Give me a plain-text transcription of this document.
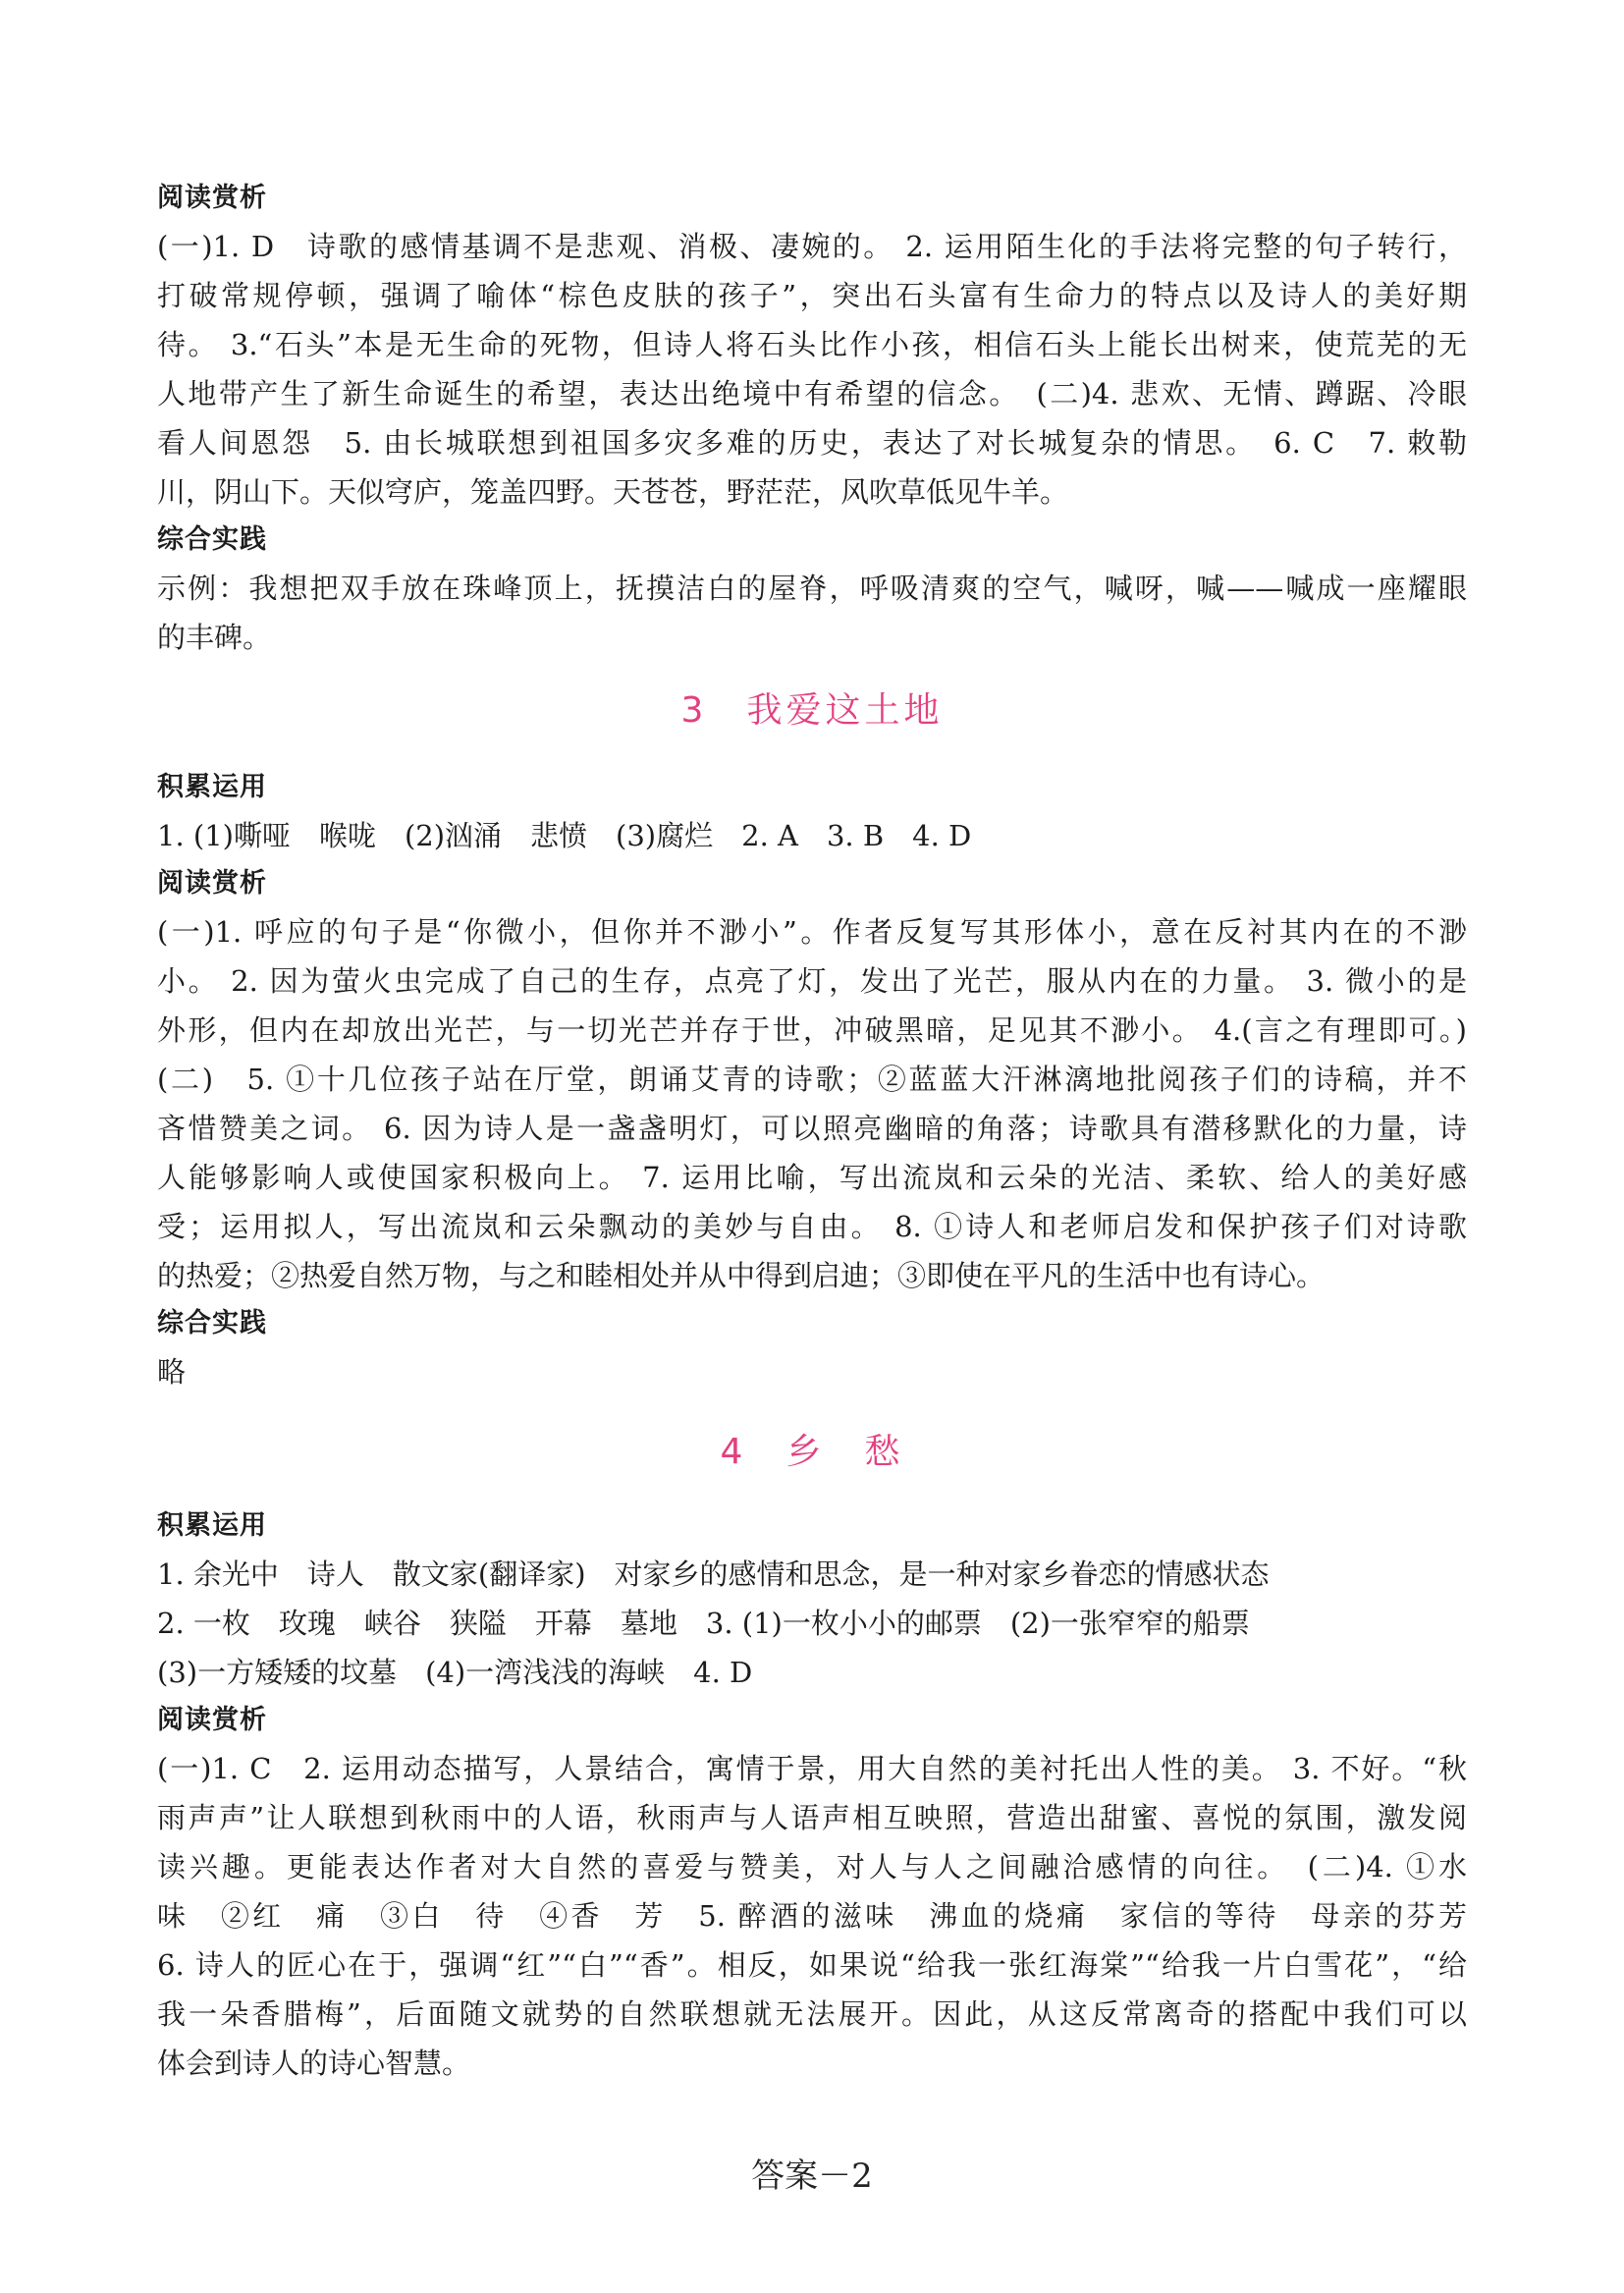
阅读赏析
(一)1. D　诗歌的感情基调不是悲观、消极、凄婉的。 2. 运用陌生化的手法将完整的句子转行，
打破常规停顿，强调了喻体“棕色皮肤的孩子”，突出石头富有生命力的特点以及诗人的美好期
待。 3.“石头”本是无生命的死物，但诗人将石头比作小孩，相信石头上能长出树来，使荒芜的无
人地带产生了新生命诞生的希望，表达出绝境中有希望的信念。　(二)4. 悲欢、无情、蹲踞、冷眼
看人间恩怨　5. 由长城联想到祖国多灾多难的历史，表达了对长城复杂的情思。　6. C　7. 敕勒
川，阴山下。天似穹庐，笼盖四野。天苍苍，野茫茫，风吹草低见牛羊。
综合实践
示例：我想把双手放在珠峰顶上，抚摸洁白的屋脊，呼吸清爽的空气，喊呀，喊——喊成一座耀眼
的丰碑。
3　我爱这土地
积累运用
1. (1)嘶哑　喉咙　(2)汹涌　悲愤　(3)腐烂　2. A　3. B　4. D
阅读赏析
(一)1. 呼应的句子是“你微小，但你并不渺小”。作者反复写其形体小，意在反衬其内在的不渺
小。 2. 因为萤火虫完成了自己的生存，点亮了灯，发出了光芒，服从内在的力量。 3. 微小的是
外形，但内在却放出光芒，与一切光芒并存于世，冲破黑暗，足见其不渺小。 4.(言之有理即可。)
(二)　5. ①十几位孩子站在厅堂，朗诵艾青的诗歌；②蓝蓝大汗淋漓地批阅孩子们的诗稿，并不
吝惜赞美之词。 6. 因为诗人是一盏盏明灯，可以照亮幽暗的角落；诗歌具有潜移默化的力量，诗
人能够影响人或使国家积极向上。 7. 运用比喻，写出流岚和云朵的光洁、柔软、给人的美好感
受；运用拟人，写出流岚和云朵飘动的美妙与自由。 8. ①诗人和老师启发和保护孩子们对诗歌
的热爱；②热爱自然万物，与之和睦相处并从中得到启迪；③即使在平凡的生活中也有诗心。
综合实践
略
4　乡　愁
积累运用
1. 余光中　诗人　散文家(翻译家)　对家乡的感情和思念，是一种对家乡眷恋的情感状态
2. 一枚　玫瑰　峡谷　狭隘　开幕　墓地　3. (1)一枚小小的邮票　(2)一张窄窄的船票
(3)一方矮矮的坟墓　(4)一湾浅浅的海峡　4. D
阅读赏析
(一)1. C　2. 运用动态描写，人景结合，寓情于景，用大自然的美衬托出人性的美。 3. 不好。“秋
雨声声”让人联想到秋雨中的人语，秋雨声与人语声相互映照，营造出甜蜜、喜悦的氛围，激发阅
读兴趣。更能表达作者对大自然的喜爱与赞美，对人与人之间融洽感情的向往。　(二)4. ①水
味　②红　痛　③白　待　④香　芳　5. 醉酒的滋味　沸血的烧痛　家信的等待　母亲的芬芳
6. 诗人的匠心在于，强调“红”“白”“香”。相反，如果说“给我一张红海棠”“给我一片白雪花”，“给
我一朵香腊梅”，后面随文就势的自然联想就无法展开。因此，从这反常离奇的搭配中我们可以
体会到诗人的诗心智慧。
答案－2
